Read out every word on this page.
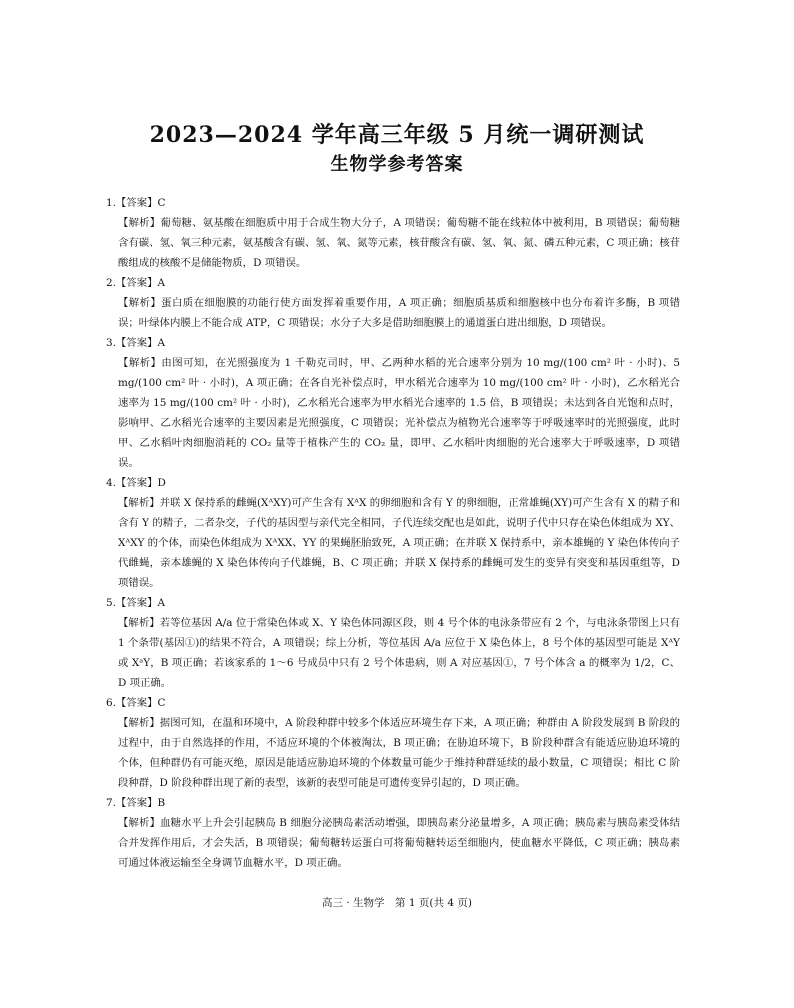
2023—2024 学年高三年级 5 月统一调研测试
生物学参考答案
1.【答案】C
【解析】葡萄糖、氨基酸在细胞质中用于合成生物大分子，A 项错误；葡萄糖不能在线粒体中被利用，B 项错误；葡萄糖含有碳、氢、氧三种元素，氨基酸含有碳、氢、氧、氮等元素，核苷酸含有碳、氢、氧、氮、磷五种元素，C 项正确；核苷酸组成的核酸不是储能物质，D 项错误。
2.【答案】A
【解析】蛋白质在细胞膜的功能行使方面发挥着重要作用，A 项正确；细胞质基质和细胞核中也分布着许多酶，B 项错误；叶绿体内膜上不能合成 ATP，C 项错误；水分子大多是借助细胞膜上的通道蛋白进出细胞，D 项错误。
3.【答案】A
【解析】由图可知，在光照强度为 1 千勒克司时，甲、乙两种水稻的光合速率分别为 10 mg/(100 cm² 叶 · 小时)、5 mg/(100 cm² 叶 · 小时)，A 项正确；在各自光补偿点时，甲水稻光合速率为 10 mg/(100 cm² 叶 · 小时)，乙水稻光合速率为 15 mg/(100 cm² 叶 · 小时)，乙水稻光合速率为甲水稻光合速率的 1.5 倍，B 项错误；未达到各自光饱和点时，影响甲、乙水稻光合速率的主要因素是光照强度，C 项错误；光补偿点为植物光合速率等于呼吸速率时的光照强度，此时甲、乙水稻叶肉细胞消耗的 CO₂ 量等于植株产生的 CO₂ 量，即甲、乙水稻叶肉细胞的光合速率大于呼吸速率，D 项错误。
4.【答案】D
【解析】并联 X 保持系的雌蝇(XᴬXY)可产生含有 XᴬX 的卵细胞和含有 Y 的卵细胞，正常雄蝇(XY)可产生含有 X 的精子和含有 Y 的精子，二者杂交，子代的基因型与亲代完全相同，子代连续交配也是如此，说明子代中只存在染色体组成为 XY、XᴬXY 的个体，而染色体组成为 XᴬXX、YY 的果蝇胚胎致死，A 项正确；在并联 X 保持系中，亲本雄蝇的 Y 染色体传向子代雌蝇，亲本雄蝇的 X 染色体传向子代雄蝇，B、C 项正确；并联 X 保持系的雌蝇可发生的变异有突变和基因重组等，D 项错误。
5.【答案】A
【解析】若等位基因 A/a 位于常染色体或 X、Y 染色体同源区段，则 4 号个体的电泳条带应有 2 个，与电泳条带图上只有 1 个条带(基因①)的结果不符合，A 项错误；综上分析，等位基因 A/a 应位于 X 染色体上，8 号个体的基因型可能是 XᴬY 或 XᵃY，B 项正确；若该家系的 1～6 号成员中只有 2 号个体患病，则 A 对应基因①，7 号个体含 a 的概率为 1/2，C、D 项正确。
6.【答案】C
【解析】据图可知，在温和环境中，A 阶段种群中较多个体适应环境生存下来，A 项正确；种群由 A 阶段发展到 B 阶段的过程中，由于自然选择的作用，不适应环境的个体被淘汰，B 项正确；在胁迫环境下，B 阶段种群含有能适应胁迫环境的个体，但种群仍有可能灭绝，原因是能适应胁迫环境的个体数量可能少于维持种群延续的最小数量，C 项错误；相比 C 阶段种群，D 阶段种群出现了新的表型，该新的表型可能是可遗传变异引起的，D 项正确。
7.【答案】B
【解析】血糖水平上升会引起胰岛 B 细胞分泌胰岛素活动增强，即胰岛素分泌量增多，A 项正确；胰岛素与胰岛素受体结合并发挥作用后，才会失活，B 项错误；葡萄糖转运蛋白可将葡萄糖转运至细胞内，使血糖水平降低，C 项正确；胰岛素可通过体液运输至全身调节血糖水平，D 项正确。
高三 · 生物学　第 1 页(共 4 页)
